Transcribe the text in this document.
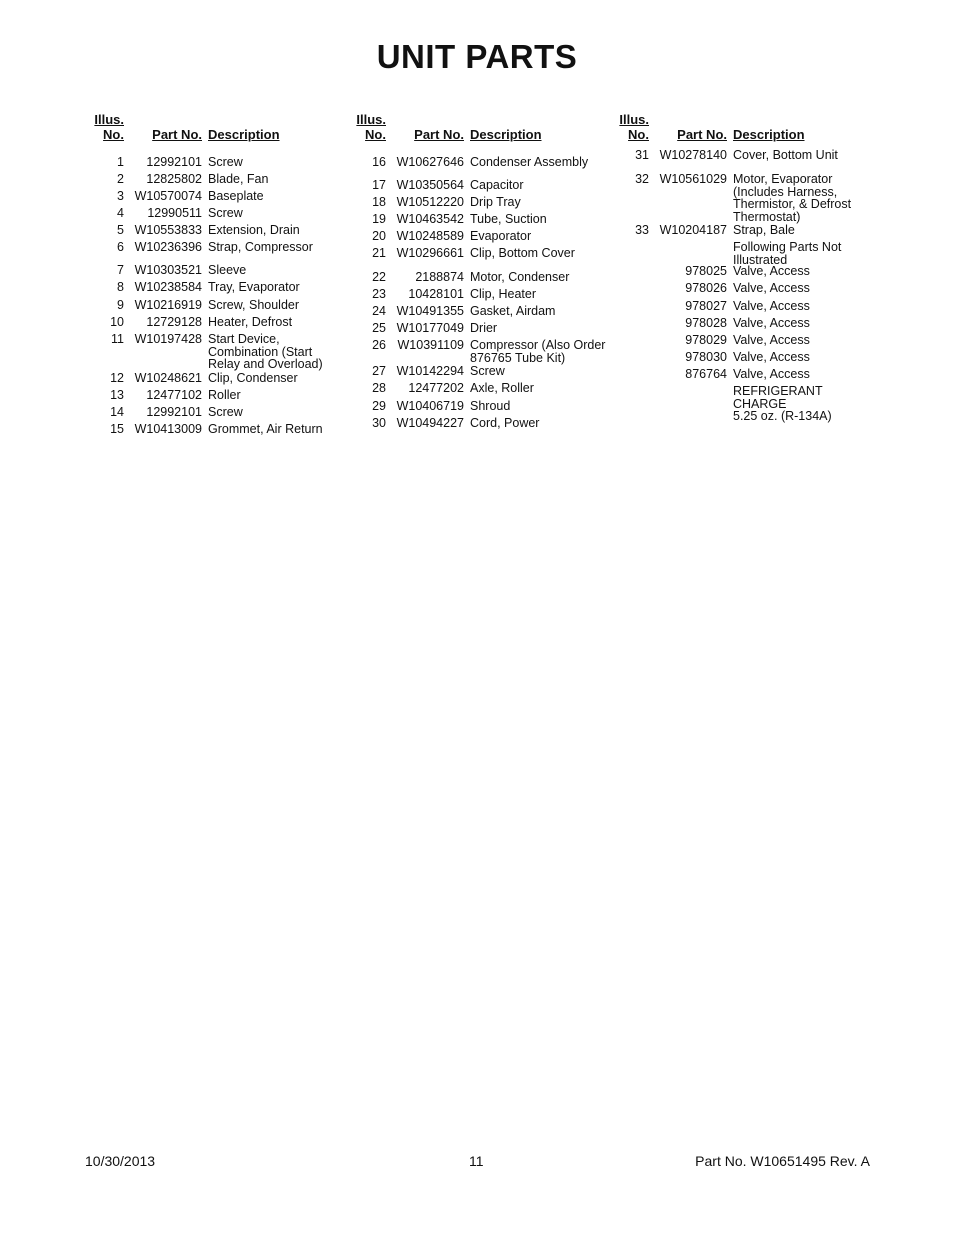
UNIT PARTS
Illus.
No.	Part No. Description
1	12992101 Screw
2	12825802 Blade, Fan
3 W10570074 Baseplate
4	12990511 Screw
5 W10553833 Extension, Drain
6 W10236396 Strap, Compressor
7 W10303521 Sleeve
8 W10238584 Tray, Evaporator
9 W10216919 Screw, Shoulder
10	12729128 Heater, Defrost
11 W10197428 Start Device,
Combination (Start
Relay and Overload)
12 W10248621 Clip, Condenser
13	12477102 Roller
14	12992101 Screw
15 W10413009 Grommet, Air Return
Illus.
No.	Part No. Description
16 W10627646 Condenser Assembly
17 W10350564 Capacitor
18 W10512220 Drip Tray
19 W10463542 Tube, Suction
20 W10248589 Evaporator
21 W10296661 Clip, Bottom Cover
22	2188874 Motor, Condenser
23	10428101 Clip, Heater
24 W10491355 Gasket, Airdam
25 W10177049 Drier
26 W10391109 Compressor (Also Order
876765 Tube Kit)
27 W10142294 Screw
28	12477202 Axle, Roller
29 W10406719 Shroud
30 W10494227 Cord, Power
Illus.
No.	Part No. Description
31 W10278140 Cover, Bottom Unit
32 W10561029 Motor, Evaporator
(Includes Harness,
Thermistor, & Defrost
Thermostat)
33 W10204187 Strap, Bale
Following Parts Not
Illustrated
978025 Valve, Access
978026 Valve, Access
978027 Valve, Access
978028 Valve, Access
978029 Valve, Access
978030 Valve, Access
876764 Valve, Access
REFRIGERANT
CHARGE
5.25 oz. (R-134A)
10/30/2013	11	Part No. W10651495 Rev. A
